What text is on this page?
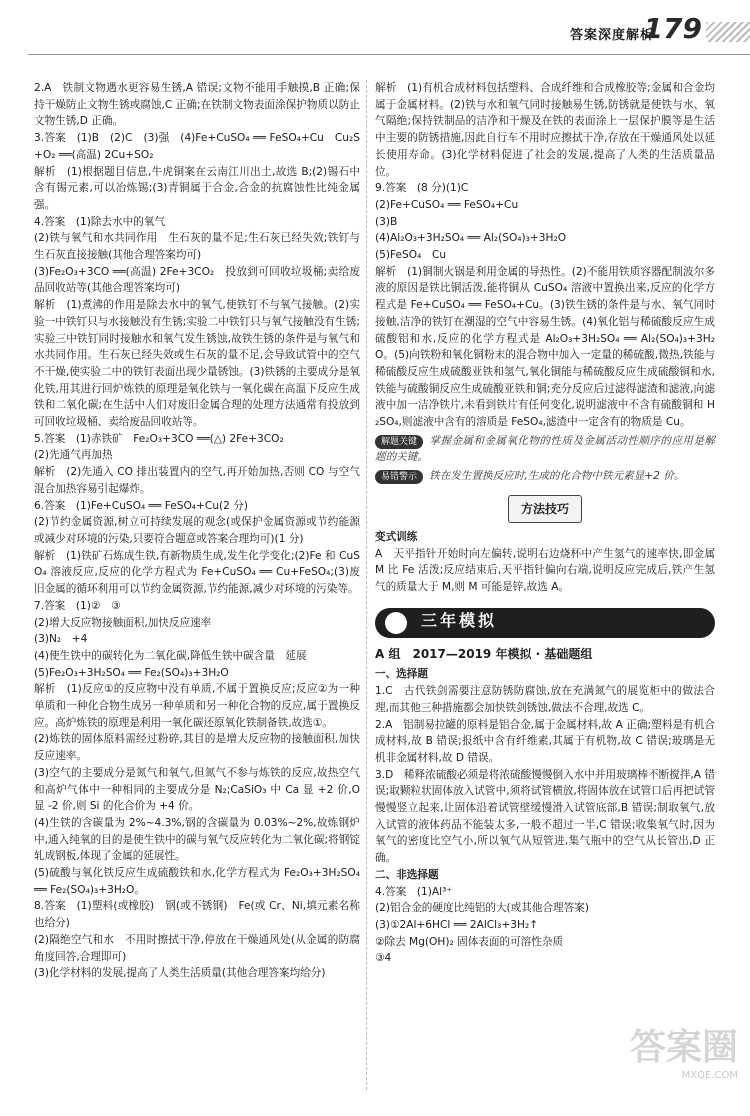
答案深度解析
179

2.A　铁制文物遇水更容易生锈,A 错误;文物不能用手触摸,B 正确;保持干燥防止文物生锈或腐蚀,C 正确;在铁制文物表面涂保护物质以防止文物生锈,D 正确。

3.答案　(1)B　(2)C　(3)强　(4)Fe+CuSO₄ ══ FeSO₄+Cu　Cu₂S+O₂ ══(高温) 2Cu+SO₂

解析　(1)根据题目信息,牛虎铜案在云南江川出土,故选 B;(2)锡石中含有锡元素,可以冶炼锡;(3)青铜属于合金,合金的抗腐蚀性比纯金属强。

4.答案　(1)除去水中的氧气

(2)铁与氧气和水共同作用　生石灰的量不足;生石灰已经失效;铁钉与生石灰直接接触(其他合理答案均可)

(3)Fe₂O₃+3CO ══(高温) 2Fe+3CO₂　投放到可回收垃圾桶;卖给废品回收站等(其他合理答案均可)

解析　(1)煮沸的作用是除去水中的氧气,使铁钉不与氧气接触。(2)实验一中铁钉只与水接触没有生锈;实验二中铁钉只与氧气接触没有生锈;实验三中铁钉同时接触水和氧气发生锈蚀,故铁生锈的条件是与氧气和水共同作用。生石灰已经失效或生石灰的量不足,会导致试管中的空气不干燥,使实验二中的铁钉表面出现少量锈蚀。(3)铁锈的主要成分是氧化铁,用其进行回炉炼铁的原理是氧化铁与一氧化碳在高温下反应生成铁和二氧化碳;在生活中人们对废旧金属合理的处理方法通常有投放到可回收垃圾桶、卖给废品回收站等。

5.答案　(1)赤铁矿　Fe₂O₃+3CO ══(△) 2Fe+3CO₂

(2)先通气再加热

解析　(2)先通入 CO 排出装置内的空气,再开始加热,否则 CO 与空气混合加热容易引起爆炸。

6.答案　(1)Fe+CuSO₄ ══ FeSO₄+Cu(2 分)

(2)节约金属资源,树立可持续发展的观念(或保护金属资源或节约能源或减少对环境的污染,只要符合题意或答案合理均可)(1 分)

解析　(1)铁矿石炼成生铁,有新物质生成,发生化学变化;(2)Fe 和 CuSO₄ 溶液反应,反应的化学方程式为 Fe+CuSO₄ ══ Cu+FeSO₄;(3)废旧金属的循环利用可以节约金属资源,节约能源,减少对环境的污染等。

7.答案　(1)②　③

(2)增大反应物接触面积,加快反应速率

(3)N₂　+4

(4)使生铁中的碳转化为二氧化碳,降低生铁中碳含量　延展

(5)Fe₂O₃+3H₂SO₄ ══ Fe₂(SO₄)₃+3H₂O

解析　(1)反应①的反应物中没有单质,不属于置换反应;反应②为一种单质和一种化合物生成另一种单质和另一种化合物的反应,属于置换反应。高炉炼铁的原理是利用一氧化碳还原氧化铁制备铁,故选①。

(2)炼铁的固体原料需经过粉碎,其目的是增大反应物的接触面积,加快反应速率。

(3)空气的主要成分是氮气和氧气,但氮气不参与炼铁的反应,故热空气和高炉气体中一种相同的主要成分是 N₂;CaSiO₃ 中 Ca 显 +2 价,O 显 -2 价,则 Si 的化合价为 +4 价。

(4)生铁的含碳量为 2%~4.3%,钢的含碳量为 0.03%~2%,故炼钢炉中,通入纯氧的目的是使生铁中的碳与氧气反应转化为二氧化碳;将钢锭轧成钢板,体现了金属的延展性。

(5)硫酸与氧化铁反应生成硫酸铁和水,化学方程式为 Fe₂O₃+3H₂SO₄ ══ Fe₂(SO₄)₃+3H₂O。

8.答案　(1)塑料(或橡胶)　钢(或不锈钢)　Fe(或 Cr、Ni,填元素名称也给分)

(2)隔绝空气和水　不用时擦拭干净,停放在干燥通风处(从金属的防腐角度回答,合理即可)

(3)化学材料的发展,提高了人类生活质量(其他合理答案均给分)

解析　(1)有机合成材料包括塑料、合成纤维和合成橡胶等;金属和合金均属于金属材料。(2)铁与水和氧气同时接触易生锈,防锈就是使铁与水、氧气隔绝;保持铁制品的洁净和干燥及在铁的表面涂上一层保护膜等是生活中主要的防锈措施,因此自行车不用时应擦拭干净,存放在干燥通风处以延长使用寿命。(3)化学材料促进了社会的发展,提高了人类的生活质量品位。

9.答案　(8 分)(1)C

(2)Fe+CuSO₄ ══ FeSO₄+Cu

(3)B

(4)Al₂O₃+3H₂SO₄ ══ Al₂(SO₄)₃+3H₂O

(5)FeSO₄　Cu

解析　(1)铜制火锅是利用金属的导热性。(2)不能用铁质容器配制波尔多液的原因是铁比铜活泼,能将铜从 CuSO₄ 溶液中置换出来,反应的化学方程式是 Fe+CuSO₄ ══ FeSO₄+Cu。(3)铁生锈的条件是与水、氧气同时接触,洁净的铁钉在潮湿的空气中容易生锈。(4)氧化铝与稀硫酸反应生成硫酸铝和水,反应的化学方程式是 Al₂O₃+3H₂SO₄ ══ Al₂(SO₄)₃+3H₂O。(5)向铁粉和氧化铜粉末的混合物中加入一定量的稀硫酸,微热,铁能与稀硫酸反应生成硫酸亚铁和氢气,氧化铜能与稀硫酸反应生成硫酸铜和水,铁能与硫酸铜反应生成硫酸亚铁和铜;充分反应后过滤得滤渣和滤液,向滤液中加一洁净铁片,未看到铁片有任何变化,说明滤液中不含有硫酸铜和 H₂SO₄,则滤液中含有的溶质是 FeSO₄,滤渣中一定含有的物质是 Cu。

解题关键 掌握金属和金属氧化物的性质及金属活动性顺序的应用是解题的关键。

易错警示 铁在发生置换反应时,生成的化合物中铁元素显+2 价。

方法技巧

变式训练

A　天平指针开始时向左偏转,说明右边烧杯中产生氢气的速率快,即金属 M 比 Fe 活泼;反应结束后,天平指针偏向右端,说明反应完成后,铁产生氢气的质量大于 M,则 M 可能是锌,故选 A。

三年模拟

A 组　2017—2019 年模拟 · 基础题组

一、选择题

1.C　古代铁剑需要注意防锈防腐蚀,放在充满氮气的展览柜中的做法合理,而其他三种措施都会加快铁剑锈蚀,做法不合理,故选 C。

2.A　铝制易拉罐的原料是铝合金,属于金属材料,故 A 正确;塑料是有机合成材料,故 B 错误;报纸中含有纤维素,其属于有机物,故 C 错误;玻璃是无机非金属材料,故 D 错误。

3.D　稀释浓硫酸必须是将浓硫酸慢慢倒入水中并用玻璃棒不断搅拌,A 错误;取颗粒状固体放入试管中,须将试管横放,将固体放在试管口后再把试管慢慢竖立起来,让固体沿着试管壁缓慢滑入试管底部,B 错误;制取氧气,放入试管的液体药品不能装太多,一般不超过一半,C 错误;收集氧气时,因为氧气的密度比空气小,所以氧气从短管进,集气瓶中的空气从长管出,D 正确。

二、非选择题

4.答案　(1)Al³⁺

(2)铝合金的硬度比纯铝的大(或其他合理答案)

(3)①2Al+6HCl ══ 2AlCl₃+3H₂↑

②除去 Mg(OH)₂ 固体表面的可溶性杂质

③4

答案圈
MXQE.COM
